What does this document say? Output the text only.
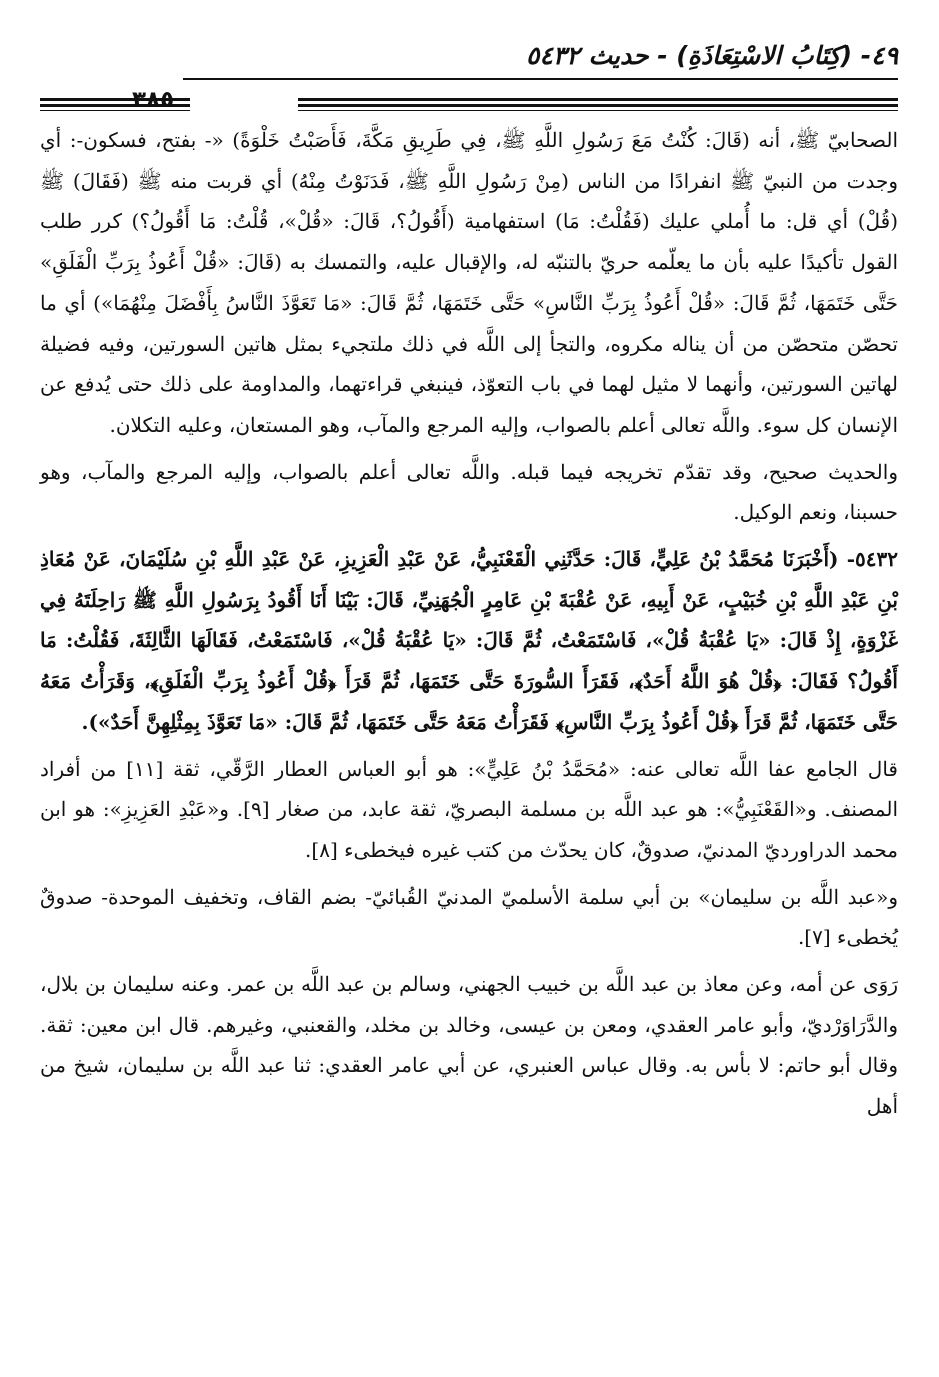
٤٩- (كِتَابُ الاسْتِعَاذَةِ) - حديث ٥٤٣٢
٣٨٥

الصحابيّ ﷺ، أنه (قَالَ: كُنْتُ مَعَ رَسُولِ اللَّهِ ﷺ، فِي طَرِيقِ مَكَّةَ، فَأَصَبْتُ خَلْوَةً) «- بفتح، فسكون-: أي وجدت من النبيّ ﷺ انفرادًا من الناس (مِنْ رَسُولِ اللَّهِ ﷺ، فَدَنَوْتُ مِنْهُ) أي قربت منه ﷺ (فَقَالَ) ﷺ (قُلْ) أي قل: ما أُملي عليك (فَقُلْتُ: مَا) استفهامية (أَقُولُ؟، قَالَ: «قُلْ»، قُلْتُ: مَا أَقُولُ؟) كرر طلب القول تأكيدًا عليه بأن ما يعلّمه حريّ بالتنبّه له، والإقبال عليه، والتمسك به (قَالَ: «قُلْ أَعُوذُ بِرَبِّ الْفَلَقِ» حَتَّى خَتَمَهَا، ثُمَّ قَالَ: «قُلْ أَعُوذُ بِرَبِّ النَّاسِ» حَتَّى خَتَمَهَا، ثُمَّ قَالَ: «مَا تَعَوَّذَ النَّاسُ بِأَفْضَلَ مِنْهُمَا») أي ما تحصّن متحصّن من أن يناله مكروه، والتجأ إلى اللَّه في ذلك ملتجيء بمثل هاتين السورتين، وفيه فضيلة لهاتين السورتين، وأنهما لا مثيل لهما في باب التعوّذ، فينبغي قراءتهما، والمداومة على ذلك حتى يُدفع عن الإنسان كل سوء. واللَّه تعالى أعلم بالصواب، وإليه المرجع والمآب، وهو المستعان، وعليه التكلان.

والحديث صحيح، وقد تقدّم تخريجه فيما قبله. واللَّه تعالى أعلم بالصواب، وإليه المرجع والمآب، وهو حسبنا، ونعم الوكيل.

٥٤٣٢- (أَخْبَرَنَا مُحَمَّدُ بْنُ عَلِيٍّ، قَالَ: حَدَّثَنِي الْقَعْنَبِيُّ، عَنْ عَبْدِ الْعَزِيزِ، عَنْ عَبْدِ اللَّهِ بْنِ سُلَيْمَانَ، عَنْ مُعَاذِ بْنِ عَبْدِ اللَّهِ بْنِ خُبَيْبٍ، عَنْ أَبِيهِ، عَنْ عُقْبَةَ بْنِ عَامِرٍ الْجُهَنِيِّ، قَالَ: بَيْنَا أَنَا أَقُودُ بِرَسُولِ اللَّهِ ﷺ رَاحِلَتَهُ فِي غَزْوَةٍ، إِذْ قَالَ: «يَا عُقْبَةُ قُلْ»، فَاسْتَمَعْتُ، ثُمَّ قَالَ: «يَا عُقْبَةُ قُلْ»، فَاسْتَمَعْتُ، فَقَالَهَا الثَّالِثَةَ، فَقُلْتُ: مَا أَقُولُ؟ فَقَالَ: ﴿قُلْ هُوَ اللَّهُ أَحَدٌ﴾، فَقَرَأَ السُّورَةَ حَتَّى خَتَمَهَا، ثُمَّ قَرَأَ ﴿قُلْ أَعُوذُ بِرَبِّ الْفَلَقِ﴾، وَقَرَأْتُ مَعَهُ حَتَّى خَتَمَهَا، ثُمَّ قَرَأَ ﴿قُلْ أَعُوذُ بِرَبِّ النَّاسِ﴾ فَقَرَأْتُ مَعَهُ حَتَّى خَتَمَهَا، ثُمَّ قَالَ: «مَا تَعَوَّذَ بِمِثْلِهِنَّ أَحَدٌ»).

قال الجامع عفا اللَّه تعالى عنه: «مُحَمَّدُ بْنُ عَلِيٍّ»: هو أبو العباس العطار الرَّقّي، ثقة [١١] من أفراد المصنف. و«القَعْنَبِيُّ»: هو عبد اللَّه بن مسلمة البصريّ، ثقة عابد، من صغار [٩]. و«عَبْدِ العَزِيزِ»: هو ابن محمد الدراورديّ المدنيّ، صدوقٌ، كان يحدّث من كتب غيره فيخطىء [٨].

و«عبد اللَّه بن سليمان» بن أبي سلمة الأسلميّ المدنيّ القُبائيّ- بضم القاف، وتخفيف الموحدة- صدوقٌ يُخطىء [٧].

رَوَى عن أمه، وعن معاذ بن عبد اللَّه بن خبيب الجهني، وسالم بن عبد اللَّه بن عمر. وعنه سليمان بن بلال، والدَّرَاوَرْديّ، وأبو عامر العقدي، ومعن بن عيسى، وخالد بن مخلد، والقعنبي، وغيرهم. قال ابن معين: ثقة. وقال أبو حاتم: لا بأس به. وقال عباس العنبري، عن أبي عامر العقدي: ثنا عبد اللَّه بن سليمان، شيخ من أهل
